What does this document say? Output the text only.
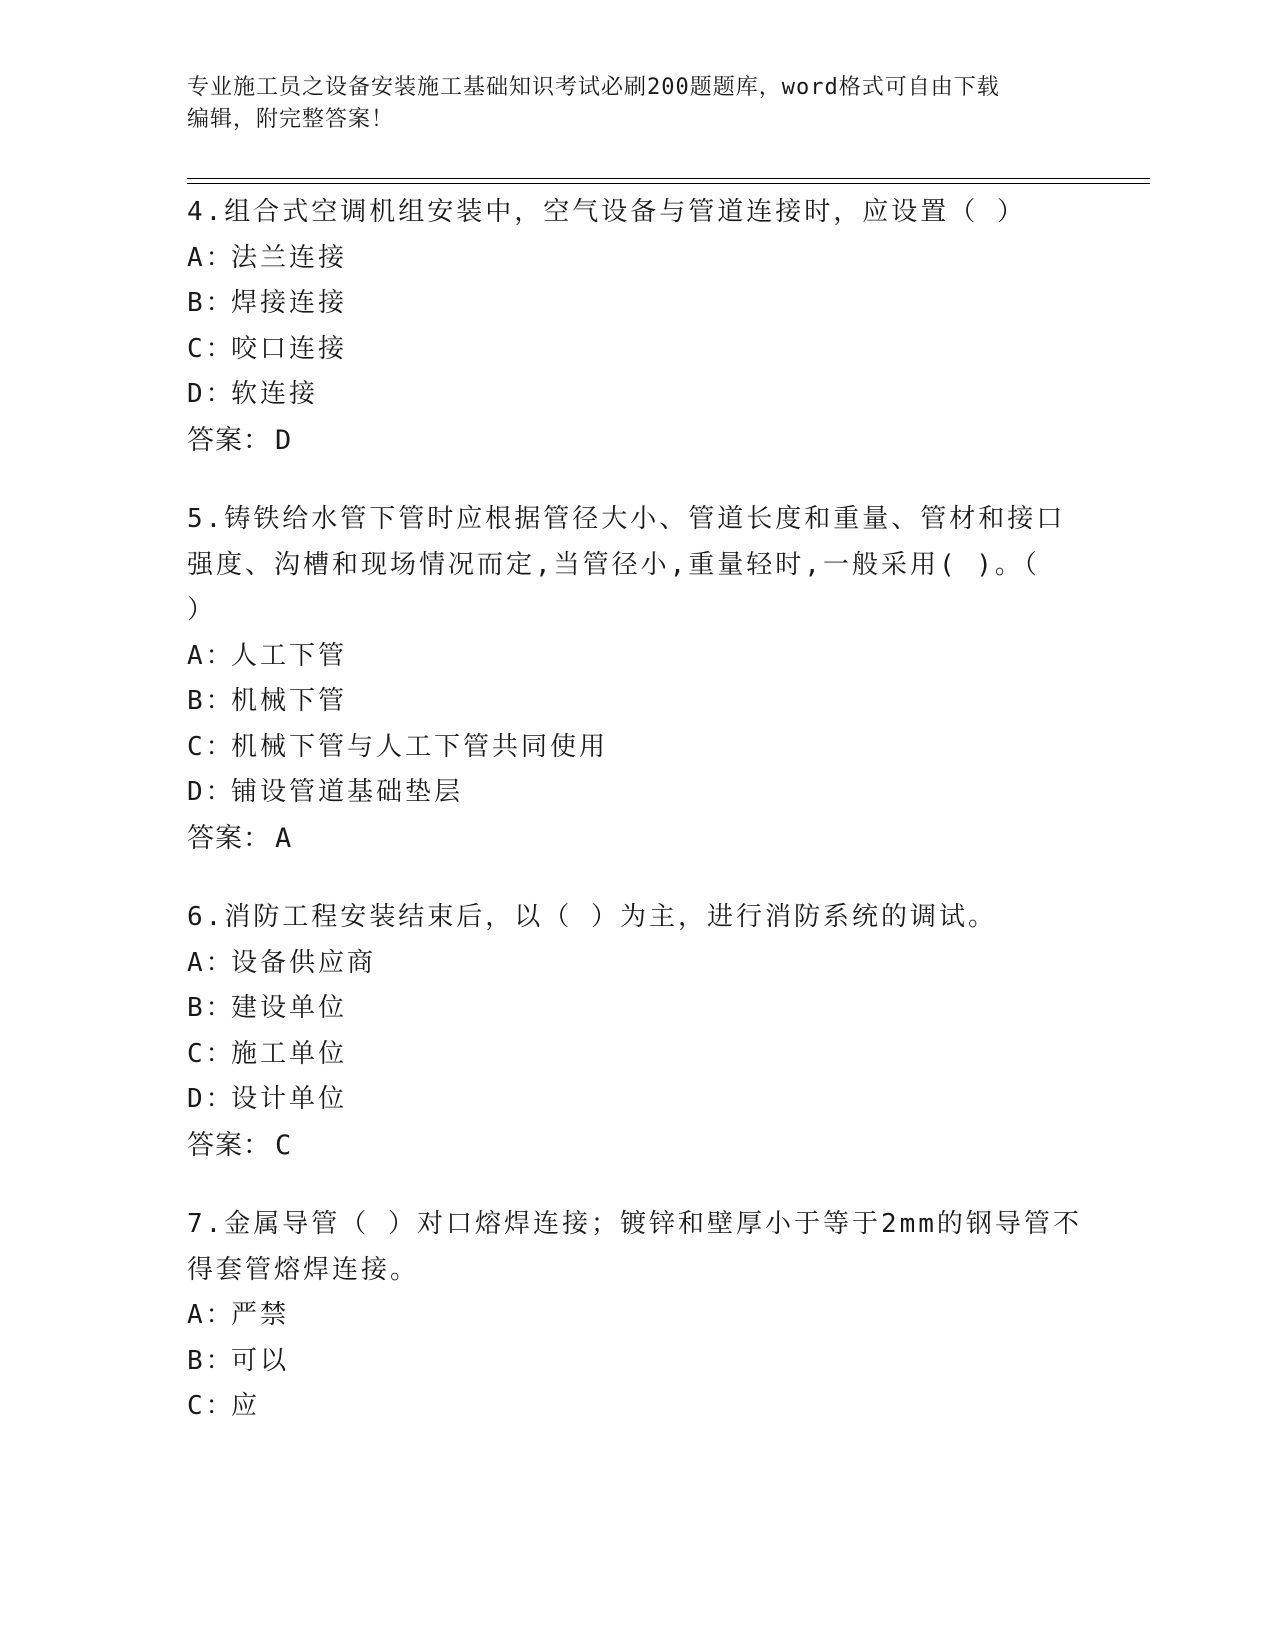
专业施工员之设备安装施工基础知识考试必刷200题题库，word格式可自由下载
编辑，附完整答案！
4.组合式空调机组安装中，空气设备与管道连接时，应设置（ ）
A：法兰连接
B：焊接连接
C：咬口连接
D：软连接
答案： D
5.铸铁给水管下管时应根据管径大小、管道长度和重量、管材和接口
强度、沟槽和现场情况而定,当管径小,重量轻时,一般采用( )。（
）
A：人工下管
B：机械下管
C：机械下管与人工下管共同使用
D：铺设管道基础垫层
答案： A
6.消防工程安装结束后，以（ ）为主，进行消防系统的调试。
A：设备供应商
B：建设单位
C：施工单位
D：设计单位
答案： C
7.金属导管（ ）对口熔焊连接；镀锌和壁厚小于等于2mm的钢导管不
得套管熔焊连接。
A：严禁
B：可以
C：应
